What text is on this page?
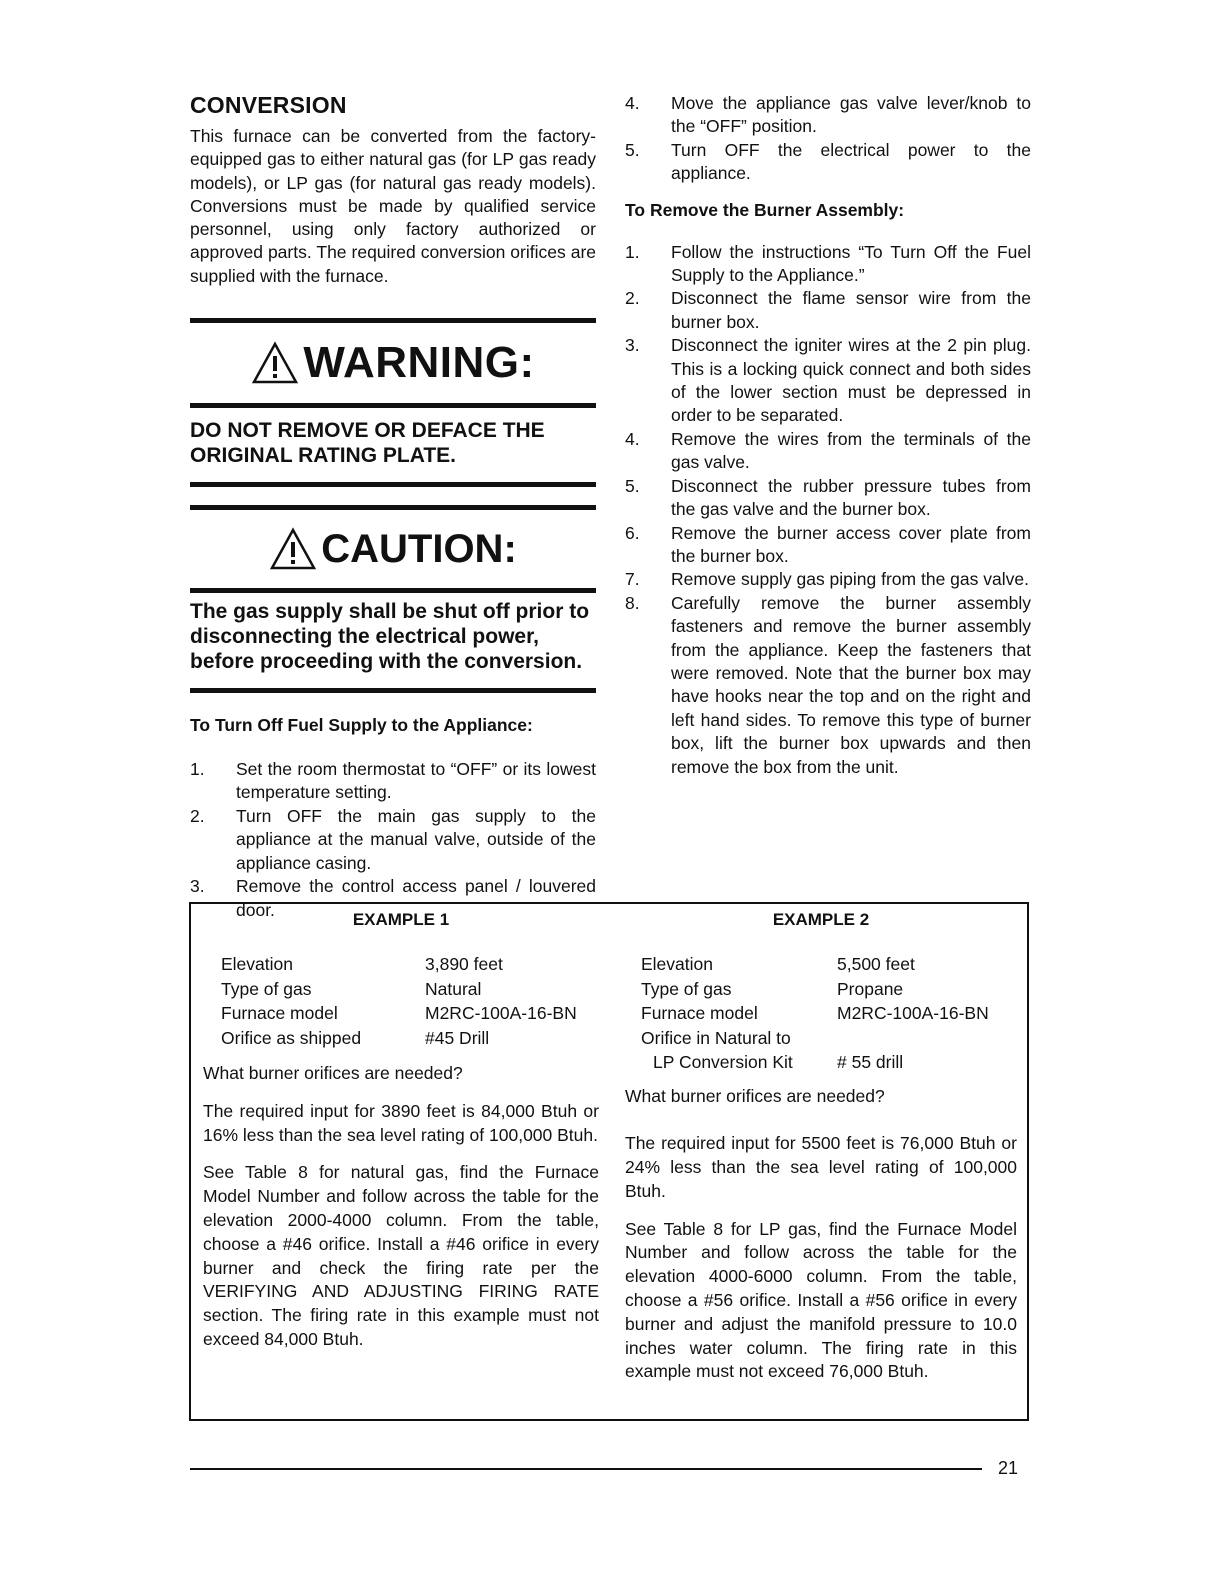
CONVERSION

This furnace can be converted from the factory-equipped gas to either natural gas (for LP gas ready models), or LP gas (for natural gas ready models). Conversions must be made by qualified service personnel, using only factory authorized or approved parts. The required conversion orifices are supplied with the furnace.

WARNING:
DO NOT REMOVE OR DEFACE THE ORIGINAL RATING PLATE.
CAUTION:
The gas supply shall be shut off prior to disconnecting the electrical power, before proceeding with the conversion.
To Turn Off Fuel Supply to the Appliance:
1.	Set the room thermostat to “OFF” or its lowest temperature setting.
2.	Turn OFF the main gas supply to the appliance at the manual valve, outside of the appliance casing.
3.	Remove the control access panel / louvered door.
4.	Move the appliance gas valve lever/knob to the “OFF” position.
5.	Turn OFF the electrical power to the appliance.
To Remove the Burner Assembly:
1.	Follow the instructions “To Turn Off the Fuel Supply to the Appliance.”
2.	Disconnect the flame sensor wire from the burner box.
3.	Disconnect the igniter wires at the 2 pin plug. This is a locking quick connect and both sides of the lower section must be depressed in order to be separated.
4.	Remove the wires from the terminals of the gas valve.
5.	Disconnect the rubber pressure tubes from the gas valve and the burner box.
6.	Remove the burner access cover plate from the burner box.
7.	Remove supply gas piping from the gas valve.
8.	Carefully remove the burner assembly fasteners and remove the burner assembly from the appliance. Keep the fasteners that were removed. Note that the burner box may have hooks near the top and on the right and left hand sides. To remove this type of burner box, lift the burner box upwards and then remove the box from the unit.
EXAMPLE 1
Elevation	3,890 feet
Type of gas	Natural
Furnace model	M2RC-100A-16-BN
Orifice as shipped	#45 Drill

What burner orifices are needed?

The required input for 3890 feet is 84,000 Btuh or 16% less than the sea level rating of 100,000 Btuh.

See Table 8 for natural gas, find the Furnace Model Number and follow across the table for the elevation 2000-4000 column. From the table, choose a #46 orifice. Install a #46 orifice in every burner and check the firing rate per the VERIFYING AND ADJUSTING FIRING RATE section. The firing rate in this example must not exceed 84,000 Btuh.

EXAMPLE 2
Elevation	5,500 feet
Type of gas	Propane
Furnace model	M2RC-100A-16-BN
Orifice in Natural to	
LP Conversion Kit	# 55 drill

What burner orifices are needed?

The required input for 5500 feet is 76,000 Btuh or 24% less than the sea level rating of 100,000 Btuh.

See Table 8 for LP gas, find the Furnace Model Number and follow across the table for the elevation 4000-6000 column. From the table, choose a #56 orifice. Install a #56 orifice in every burner and adjust the manifold pressure to 10.0 inches water column. The firing rate in this example must not exceed 76,000 Btuh.

21
